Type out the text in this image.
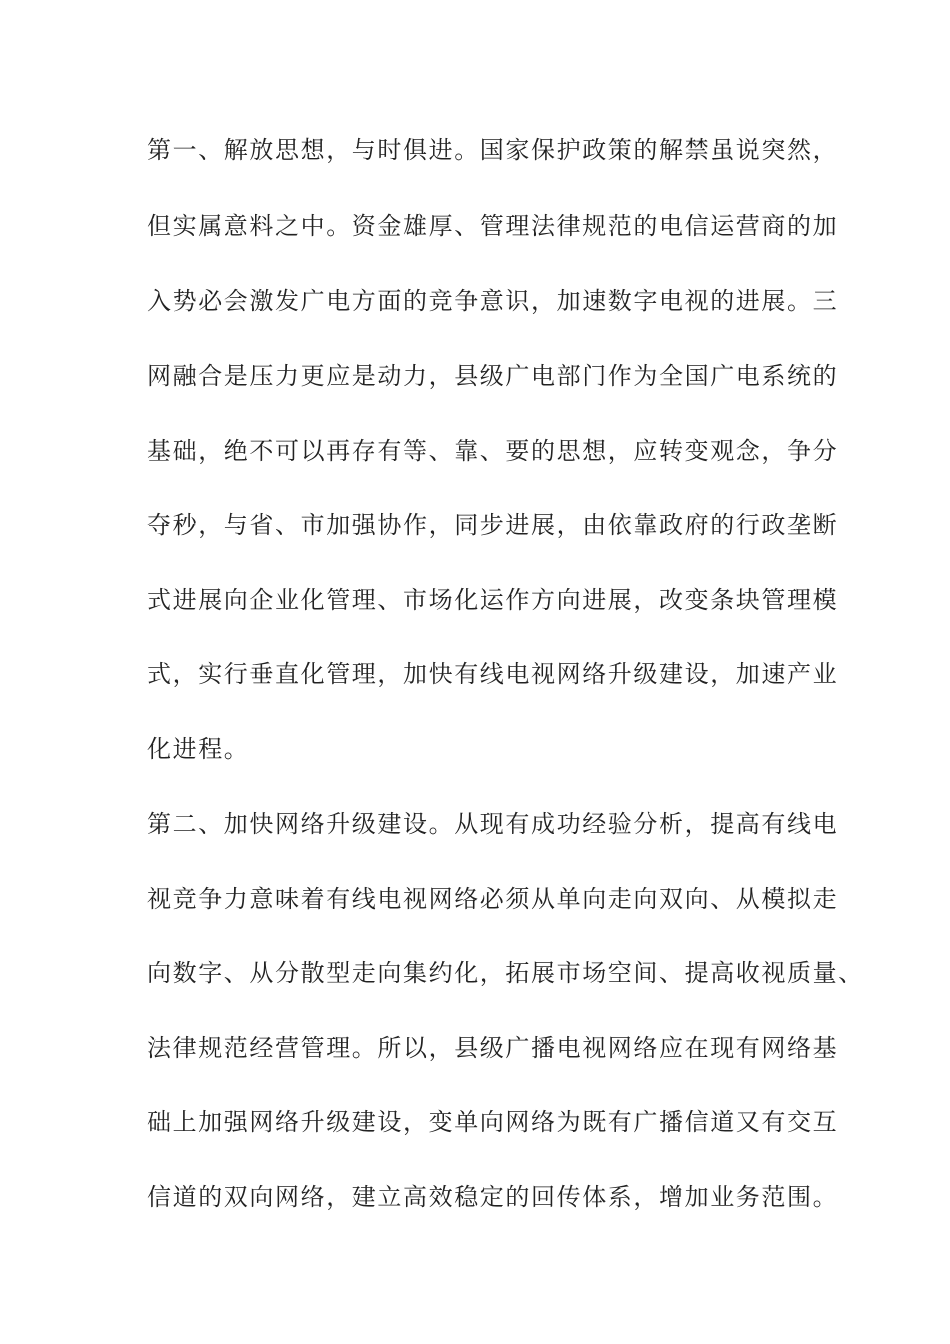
第一、解放思想，与时俱进。国家保护政策的解禁虽说突然，
但实属意料之中。资金雄厚、管理法律规范的电信运营商的加
入势必会激发广电方面的竞争意识，加速数字电视的进展。三
网融合是压力更应是动力，县级广电部门作为全国广电系统的
基础，绝不可以再存有等、靠、要的思想，应转变观念，争分
夺秒，与省、市加强协作，同步进展，由依靠政府的行政垄断
式进展向企业化管理、市场化运作方向进展，改变条块管理模
式，实行垂直化管理，加快有线电视网络升级建设，加速产业
化进程。
第二、加快网络升级建设。从现有成功经验分析，提高有线电
视竞争力意味着有线电视网络必须从单向走向双向、从模拟走
向数字、从分散型走向集约化，拓展市场空间、提高收视质量、
法律规范经营管理。所以，县级广播电视网络应在现有网络基
础上加强网络升级建设，变单向网络为既有广播信道又有交互
信道的双向网络，建立高效稳定的回传体系，增加业务范围。
